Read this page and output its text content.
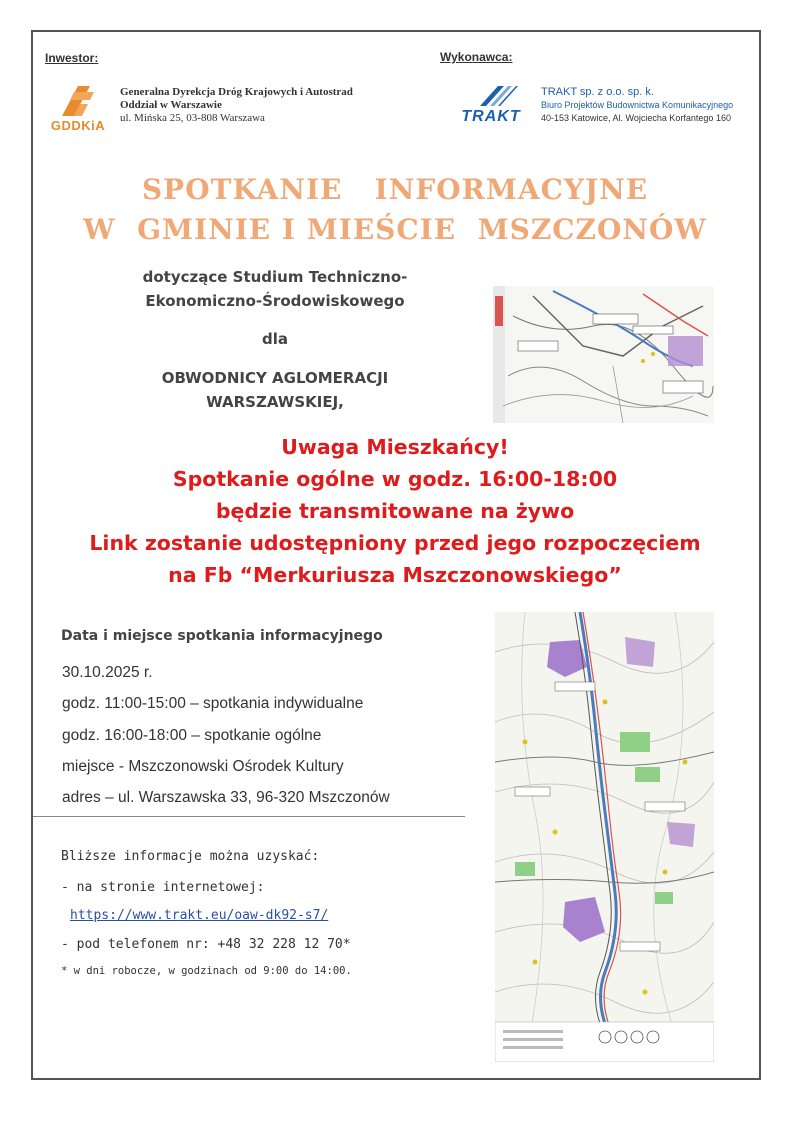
Inwestor:	Wykonawca:
GDDKiA
Generalna Dyrekcja Dróg Krajowych i Autostrad
Oddział w Warszawie
ul. Mińska 25, 03-808 Warszawa	TRAKT
TRAKT sp. z o.o. sp. k.
Biuro Projektów Budownictwa Komunikacyjnego
40-153 Katowice, Al. Wojciecha Korfantego 160
SPOTKANIE   INFORMACYJNE
W  GMINIE I MIEŚCIE  MSZCZONÓW
dotyczące Studium Techniczno-
Ekonomiczno-Środowiskowego
dla
OBWODNICY AGLOMERACJI
WARSZAWSKIEJ,
Uwaga Mieszkańcy!
Spotkanie ogólne w godz. 16:00-18:00
będzie transmitowane na żywo
Link zostanie udostępniony przed jego rozpoczęciem
na Fb “Merkuriusza Mszczonowskiego”
Data i miejsce spotkania informacyjnego
30.10.2025 r.
godz. 11:00-15:00 – spotkania indywidualne
godz. 16:00-18:00 – spotkanie ogólne
miejsce - Mszczonowski Ośrodek Kultury
adres – ul. Warszawska 33, 96-320 Mszczonów
Bliższe informacje można uzyskać:
- na stronie internetowej:
https://www.trakt.eu/oaw-dk92-s7/
- pod telefonem nr: +48 32 228 12 70*
* w dni robocze, w godzinach od 9:00 do 14:00.
